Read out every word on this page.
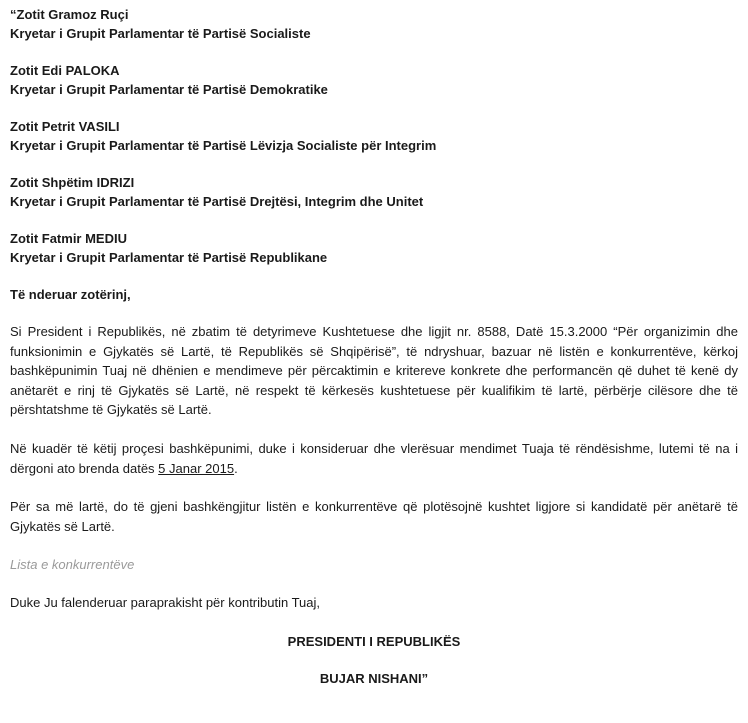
“Zotit Gramoz Ruçi
Kryetar i Grupit Parlamentar të Partisë Socialiste
Zotit Edi PALOKA
Kryetar i Grupit Parlamentar të Partisë Demokratike
Zotit Petrit VASILI
Kryetar i Grupit Parlamentar të Partisë Lëvizja Socialiste për Integrim
Zotit Shpëtim IDRIZI
Kryetar i Grupit Parlamentar të Partisë Drejtësi, Integrim dhe Unitet
Zotit Fatmir MEDIU
Kryetar i Grupit Parlamentar të Partisë Republikane
Të nderuar zotërinj,
Si President i Republikës, në zbatim të detyrimeve Kushtetuese dhe ligjit nr. 8588, Datë 15.3.2000 “Për organizimin dhe funksionimin e Gjykatës së Lartë, të Republikës së Shqipërisë”, të ndryshuar, bazuar në listën e konkurrentëve, kërkoj bashkëpunimin Tuaj në dhënien e mendimeve për përcaktimin e kritereve konkrete dhe performancën që duhet të kenë dy anëtarët e rinj të Gjykatës së Lartë, në respekt të kërkesës kushtetuese për kualifikim të lartë, përbërje cilësore dhe të përshtatshme të Gjykatës së Lartë.
Në kuadër të këtij proçesi bashkëpunimi, duke i konsideruar dhe vlerësuar mendimet Tuaja të rëndësishme, lutemi të na i dërgoni ato brenda datës 5 Janar 2015.
Për sa më lartë, do të gjeni bashkëngjitur listën e konkurrentëve që plotësojnë kushtet ligjore si kandidatë për anëtarë të Gjykatës së Lartë.
Lista e konkurrentëve
Duke Ju falenderuar paraprakisht për kontributin Tuaj,
PRESIDENTI I REPUBLIKËS
BUJAR NISHANI”
